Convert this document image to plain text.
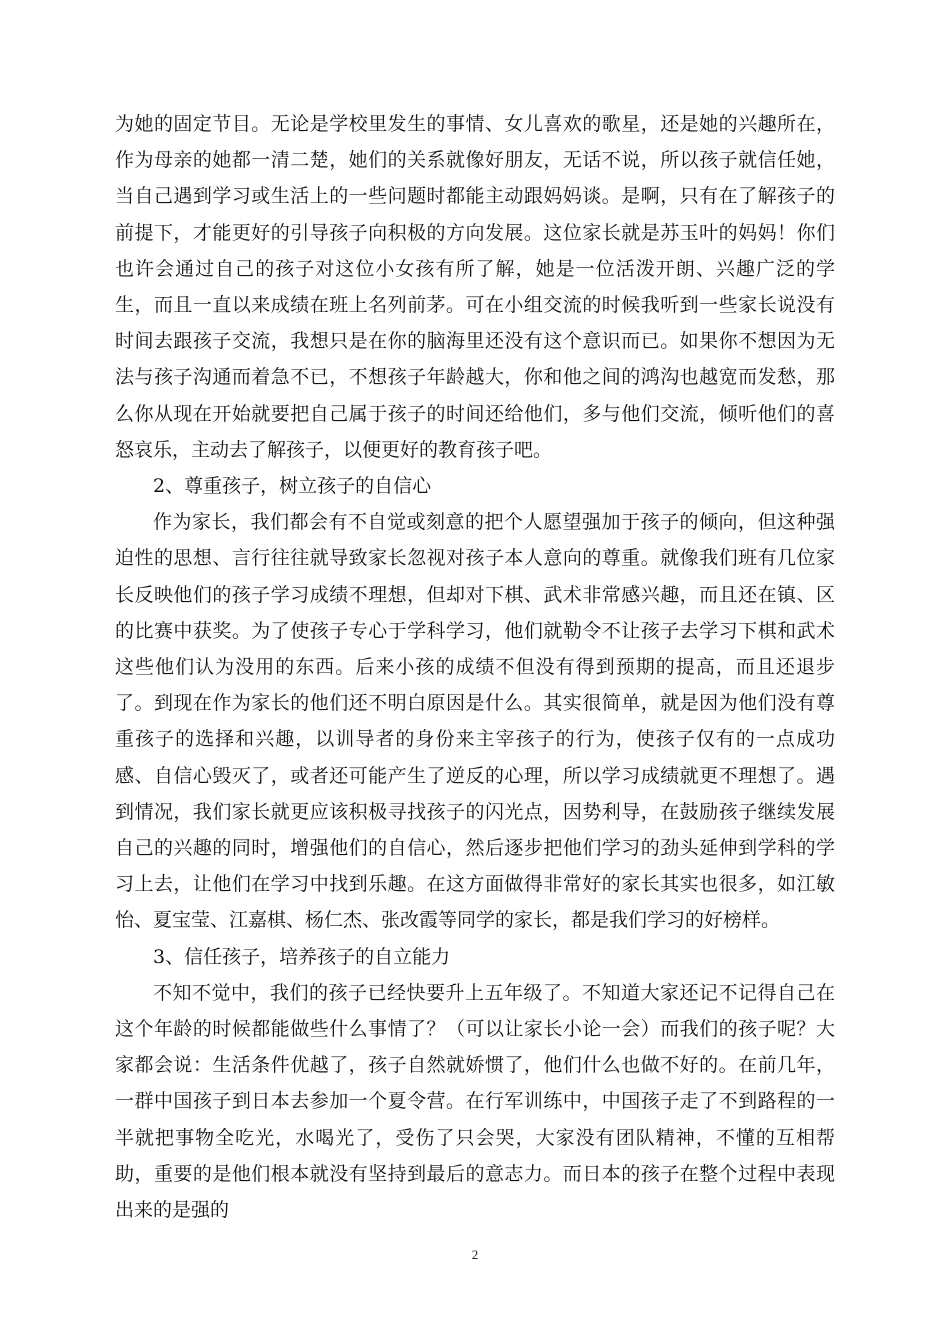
为她的固定节目。无论是学校里发生的事情、女儿喜欢的歌星，还是她的兴趣所在，作为母亲的她都一清二楚，她们的关系就像好朋友，无话不说，所以孩子就信任她，当自己遇到学习或生活上的一些问题时都能主动跟妈妈谈。是啊，只有在了解孩子的前提下，才能更好的引导孩子向积极的方向发展。这位家长就是苏玉叶的妈妈！你们也许会通过自己的孩子对这位小女孩有所了解，她是一位活泼开朗、兴趣广泛的学生，而且一直以来成绩在班上名列前茅。可在小组交流的时候我听到一些家长说没有时间去跟孩子交流，我想只是在你的脑海里还没有这个意识而已。如果你不想因为无法与孩子沟通而着急不已，不想孩子年龄越大，你和他之间的鸿沟也越宽而发愁，那么你从现在开始就要把自己属于孩子的时间还给他们，多与他们交流，倾听他们的喜怒哀乐，主动去了解孩子，以便更好的教育孩子吧。

2、尊重孩子，树立孩子的自信心

作为家长，我们都会有不自觉或刻意的把个人愿望强加于孩子的倾向，但这种强迫性的思想、言行往往就导致家长忽视对孩子本人意向的尊重。就像我们班有几位家长反映他们的孩子学习成绩不理想，但却对下棋、武术非常感兴趣，而且还在镇、区的比赛中获奖。为了使孩子专心于学科学习，他们就勒令不让孩子去学习下棋和武术这些他们认为没用的东西。后来小孩的成绩不但没有得到预期的提高，而且还退步了。到现在作为家长的他们还不明白原因是什么。其实很简单，就是因为他们没有尊重孩子的选择和兴趣，以训导者的身份来主宰孩子的行为，使孩子仅有的一点成功感、自信心毁灭了，或者还可能产生了逆反的心理，所以学习成绩就更不理想了。遇到情况，我们家长就更应该积极寻找孩子的闪光点，因势利导，在鼓励孩子继续发展自己的兴趣的同时，增强他们的自信心，然后逐步把他们学习的劲头延伸到学科的学习上去，让他们在学习中找到乐趣。在这方面做得非常好的家长其实也很多，如江敏怡、夏宝莹、江嘉棋、杨仁杰、张改霞等同学的家长，都是我们学习的好榜样。

3、信任孩子，培养孩子的自立能力

不知不觉中，我们的孩子已经快要升上五年级了。不知道大家还记不记得自己在这个年龄的时候都能做些什么事情了？（可以让家长小论一会）而我们的孩子呢？大家都会说：生活条件优越了，孩子自然就娇惯了，他们什么也做不好的。在前几年，一群中国孩子到日本去参加一个夏令营。在行军训练中，中国孩子走了不到路程的一半就把事物全吃光，水喝光了，受伤了只会哭，大家没有团队精神，不懂的互相帮助，重要的是他们根本就没有坚持到最后的意志力。而日本的孩子在整个过程中表现出来的是强的

2
